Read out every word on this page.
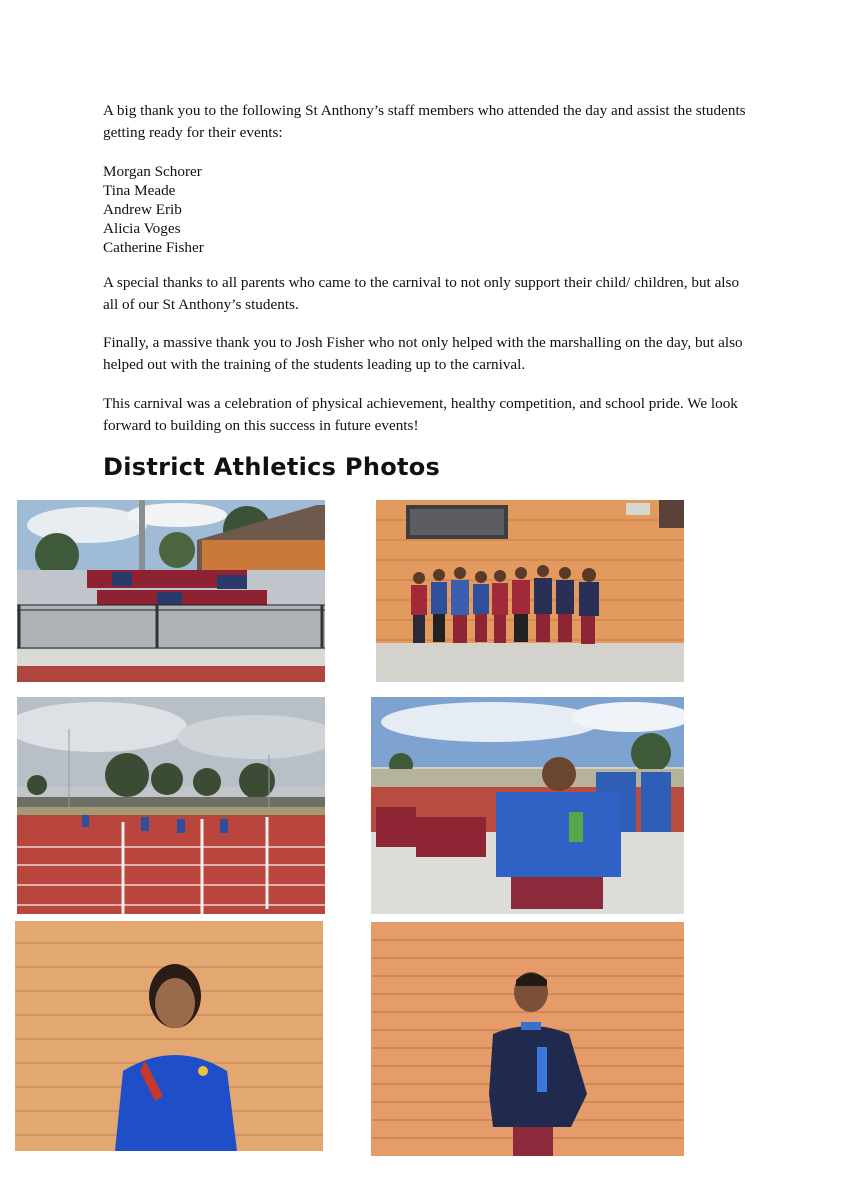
A big thank you to the following St Anthony’s staff members who attended the day and assist the students getting ready for their events:

Morgan Schorer
Tina Meade
Andrew Erib
Alicia Voges
Catherine Fisher

A special thanks to all parents who came to the carnival to not only support their child/ children, but also all of our St Anthony’s students.

Finally, a massive thank you to Josh Fisher who not only helped with the marshalling on the day, but also helped out with the training of the students leading up to the carnival.

This carnival was a celebration of physical achievement, healthy competition, and school pride. We look forward to building on this success in future events!

District Athletics Photos
